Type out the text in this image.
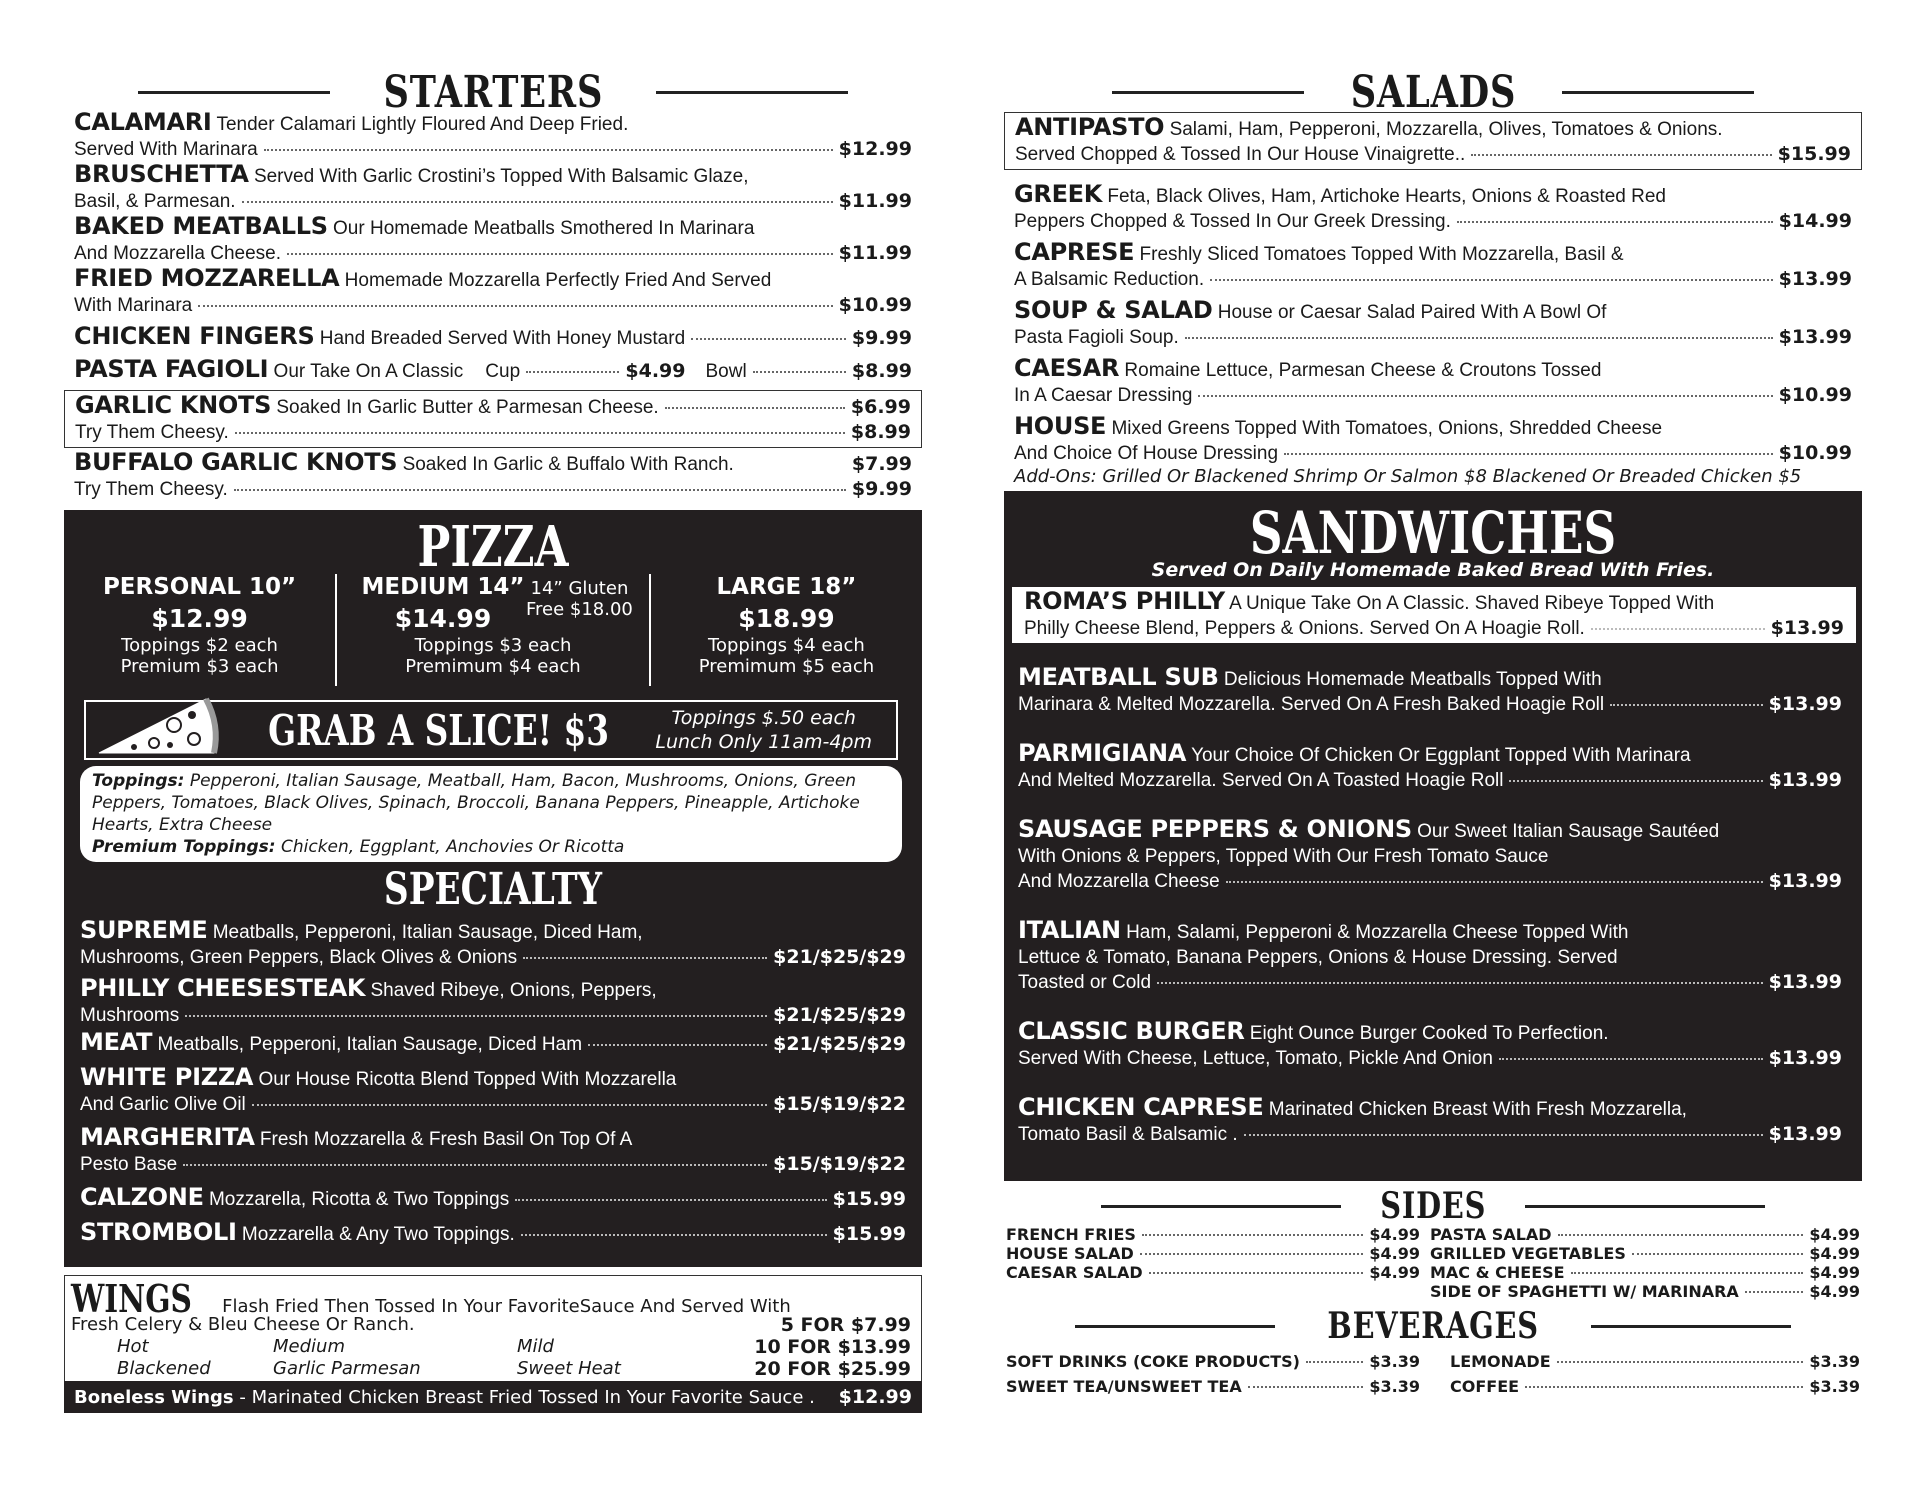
STARTERS
CALAMARI Tender Calamari Lightly Floured And Deep Fried.
Served With Marinara	$12.99
BRUSCHETTA Served With Garlic Crostini’s Topped With Balsamic Glaze,
Basil, & Parmesan.	$11.99
BAKED MEATBALLS Our Homemade Meatballs Smothered In Marinara
And Mozzarella Cheese.	$11.99
FRIED MOZZARELLA Homemade Mozzarella Perfectly Fried And Served
With Marinara	$10.99
CHICKEN FINGERS Hand Breaded Served With Honey Mustard	$9.99
PASTA FAGIOLI Our Take On A Classic Cup	$4.99 Bowl	$8.99
GARLIC KNOTS Soaked In Garlic Butter & Parmesan Cheese.	$6.99
Try Them Cheesy.	$8.99
BUFFALO GARLIC KNOTS Soaked In Garlic & Buffalo With Ranch.	$7.99
Try Them Cheesy.	$9.99
PIZZA
PERSONAL 10”
$12.99
Toppings $2 each
Premium $3 each
MEDIUM 14”
$14.99
14” Gluten
Free $18.00
Toppings $3 each
Premimum $4 each
LARGE 18”
$18.99
Toppings $4 each
Premimum $5 each
GRAB A SLICE! $3	Toppings $.50 each
Lunch Only 11am-4pm
Toppings: Pepperoni, Italian Sausage, Meatball, Ham, Bacon, Mushrooms, Onions, Green Peppers, Tomatoes, Black Olives, Spinach, Broccoli, Banana Peppers, Pineapple, Artichoke Hearts, Extra Cheese
Premium Toppings: Chicken, Eggplant, Anchovies Or Ricotta
SPECIALTY
SUPREME Meatballs, Pepperoni, Italian Sausage, Diced Ham,
Mushrooms, Green Peppers, Black Olives & Onions	$21/$25/$29
PHILLY CHEESESTEAK Shaved Ribeye, Onions, Peppers,
Mushrooms	$21/$25/$29
MEAT Meatballs, Pepperoni, Italian Sausage, Diced Ham	$21/$25/$29
WHITE PIZZA Our House Ricotta Blend Topped With Mozzarella
And Garlic Olive Oil	$15/$19/$22
MARGHERITA Fresh Mozzarella & Fresh Basil On Top Of A
Pesto Base	$15/$19/$22
CALZONE Mozzarella, Ricotta & Two Toppings	$15.99
STROMBOLI Mozzarella & Any Two Toppings.	$15.99
WINGS Flash Fried Then Tossed In Your FavoriteSauce And Served With
Fresh Celery & Bleu Cheese Or Ranch.
Hot	Medium	Mild
Blackened	Garlic Parmesan	Sweet Heat
5 FOR $7.99
10 FOR $13.99
20 FOR $25.99
Boneless Wings - Marinated Chicken Breast Fried Tossed In Your Favorite Sauce . $12.99
SALADS
ANTIPASTO Salami, Ham, Pepperoni, Mozzarella, Olives, Tomatoes & Onions.
Served Chopped & Tossed In Our House Vinaigrette..	$15.99
GREEK Feta, Black Olives, Ham, Artichoke Hearts, Onions & Roasted Red
Peppers Chopped & Tossed In Our Greek Dressing.	$14.99
CAPRESE Freshly Sliced Tomatoes Topped With Mozzarella, Basil &
A Balsamic Reduction.	$13.99
SOUP & SALAD House or Caesar Salad Paired With A Bowl Of
Pasta Fagioli Soup.	$13.99
CAESAR Romaine Lettuce, Parmesan Cheese & Croutons Tossed
In A Caesar Dressing	$10.99
HOUSE Mixed Greens Topped With Tomatoes, Onions, Shredded Cheese
And Choice Of House Dressing	$10.99
Add-Ons: Grilled Or Blackened Shrimp Or Salmon $8 Blackened Or Breaded Chicken $5
SANDWICHES
Served On Daily Homemade Baked Bread With Fries.
ROMA’S PHILLY A Unique Take On A Classic. Shaved Ribeye Topped With
Philly Cheese Blend, Peppers & Onions. Served On A Hoagie Roll.	$13.99
MEATBALL SUB Delicious Homemade Meatballs Topped With
Marinara & Melted Mozzarella. Served On A Fresh Baked Hoagie Roll	$13.99
PARMIGIANA Your Choice Of Chicken Or Eggplant Topped With Marinara
And Melted Mozzarella. Served On A Toasted Hoagie Roll	$13.99
SAUSAGE PEPPERS & ONIONS Our Sweet Italian Sausage Sautéed
With Onions & Peppers, Topped With Our Fresh Tomato Sauce
And Mozzarella Cheese	$13.99
ITALIAN Ham, Salami, Pepperoni & Mozzarella Cheese Topped With
Lettuce & Tomato, Banana Peppers, Onions & House Dressing. Served
Toasted or Cold	$13.99
CLASSIC BURGER Eight Ounce Burger Cooked To Perfection.
Served With Cheese, Lettuce, Tomato, Pickle And Onion	$13.99
CHICKEN CAPRESE Marinated Chicken Breast With Fresh Mozzarella,
Tomato Basil & Balsamic .	$13.99
SIDES
FRENCH FRIES	$4.99
HOUSE SALAD	$4.99
CAESAR SALAD	$4.99
PASTA SALAD	$4.99
GRILLED VEGETABLES	$4.99
MAC & CHEESE	$4.99
SIDE OF SPAGHETTI W/ MARINARA	$4.99
BEVERAGES
SOFT DRINKS (COKE PRODUCTS)	$3.39
SWEET TEA/UNSWEET TEA	$3.39
LEMONADE	$3.39
COFFEE	$3.39
